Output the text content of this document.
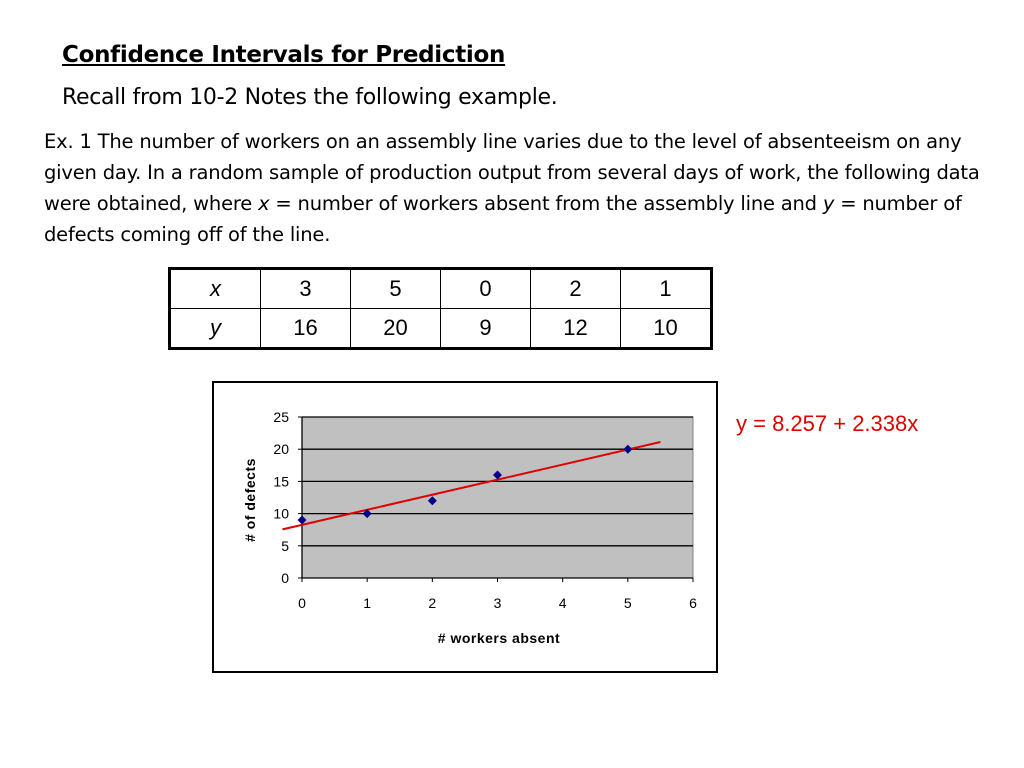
Confidence Intervals for Prediction
Recall from 10-2 Notes the following example.
Ex. 1 The number of workers on an assembly line varies due to the level of absenteeism on any given day. In a random sample of production output from several days of work, the following data were obtained, where x = number of workers absent from the assembly line and y = number of defects coming off of the line.
x	3	5	0	2	1
y	16	20	9	12	10
0
5
10
15
20
25
0	1	2	3	4	5	6
# workers absent
# of defects
y = 8.257 + 2.338x
